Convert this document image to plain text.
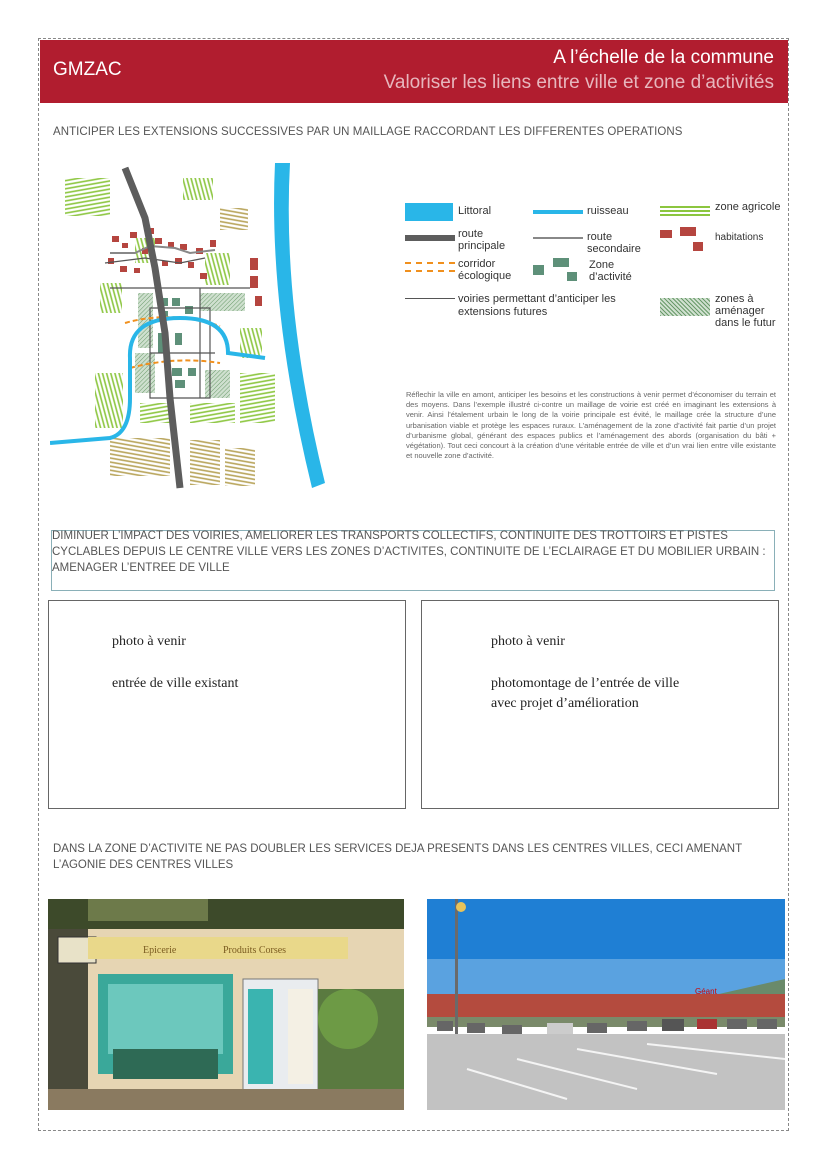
GMZAC
A l’échelle de la commune
Valoriser les liens entre ville et zone d’activités
ANTICIPER LES EXTENSIONS SUCCESSIVES PAR UN MAILLAGE RACCORDANT LES DIFFERENTES OPERATIONS
Littoral	ruisseau	zone agricole
route principale
route secondaire
habitations
corridor écologique
Zone d’activité
voiries permettant d’anticiper les extensions futures
zones à aménager dans le futur
Réflechir la ville en amont, anticiper les besoins et les constructions à venir permet d’économiser du terrain et des moyens. Dans l’exemple illustré ci-contre un maillage de voirie est créé en imaginant les extensions à venir. Ainsi l’étalement urbain le long de la voirie principale est évité, le maillage crée la structure d’une urbanisation viable et protège les espaces ruraux. L’aménagement de la zone d’activité fait partie d’un projet d’urbanisme global, générant des espaces publics et l’aménagement des abords (organisation du bâti + végétation). Tout ceci concourt à la création d’une véritable entrée de ville et d’un vrai lien entre ville existante et nouvelle zone d’activité.

DIMINUER L’IMPACT DES VOIRIES, AMELIORER LES TRANSPORTS COLLECTIFS, CONTINUITE DES TROTTOIRS ET PISTES CYCLABLES DEPUIS LE CENTRE VILLE VERS LES ZONES D’ACTIVITES, CONTINUITE DE L’ECLAIRAGE ET DU MOBILIER URBAIN : AMENAGER L’ENTREE DE VILLE

photo à venir
entrée de ville existant
photo à venir
photomontage de l’entrée de ville
avec projet d’amélioration
DANS LA ZONE D’ACTIVITE NE PAS DOUBLER LES SERVICES DEJA PRESENTS DANS LES CENTRES VILLES, CECI AMENANT L’AGONIE DES CENTRES VILLES
Epicerie	Produits Corses
Géant
